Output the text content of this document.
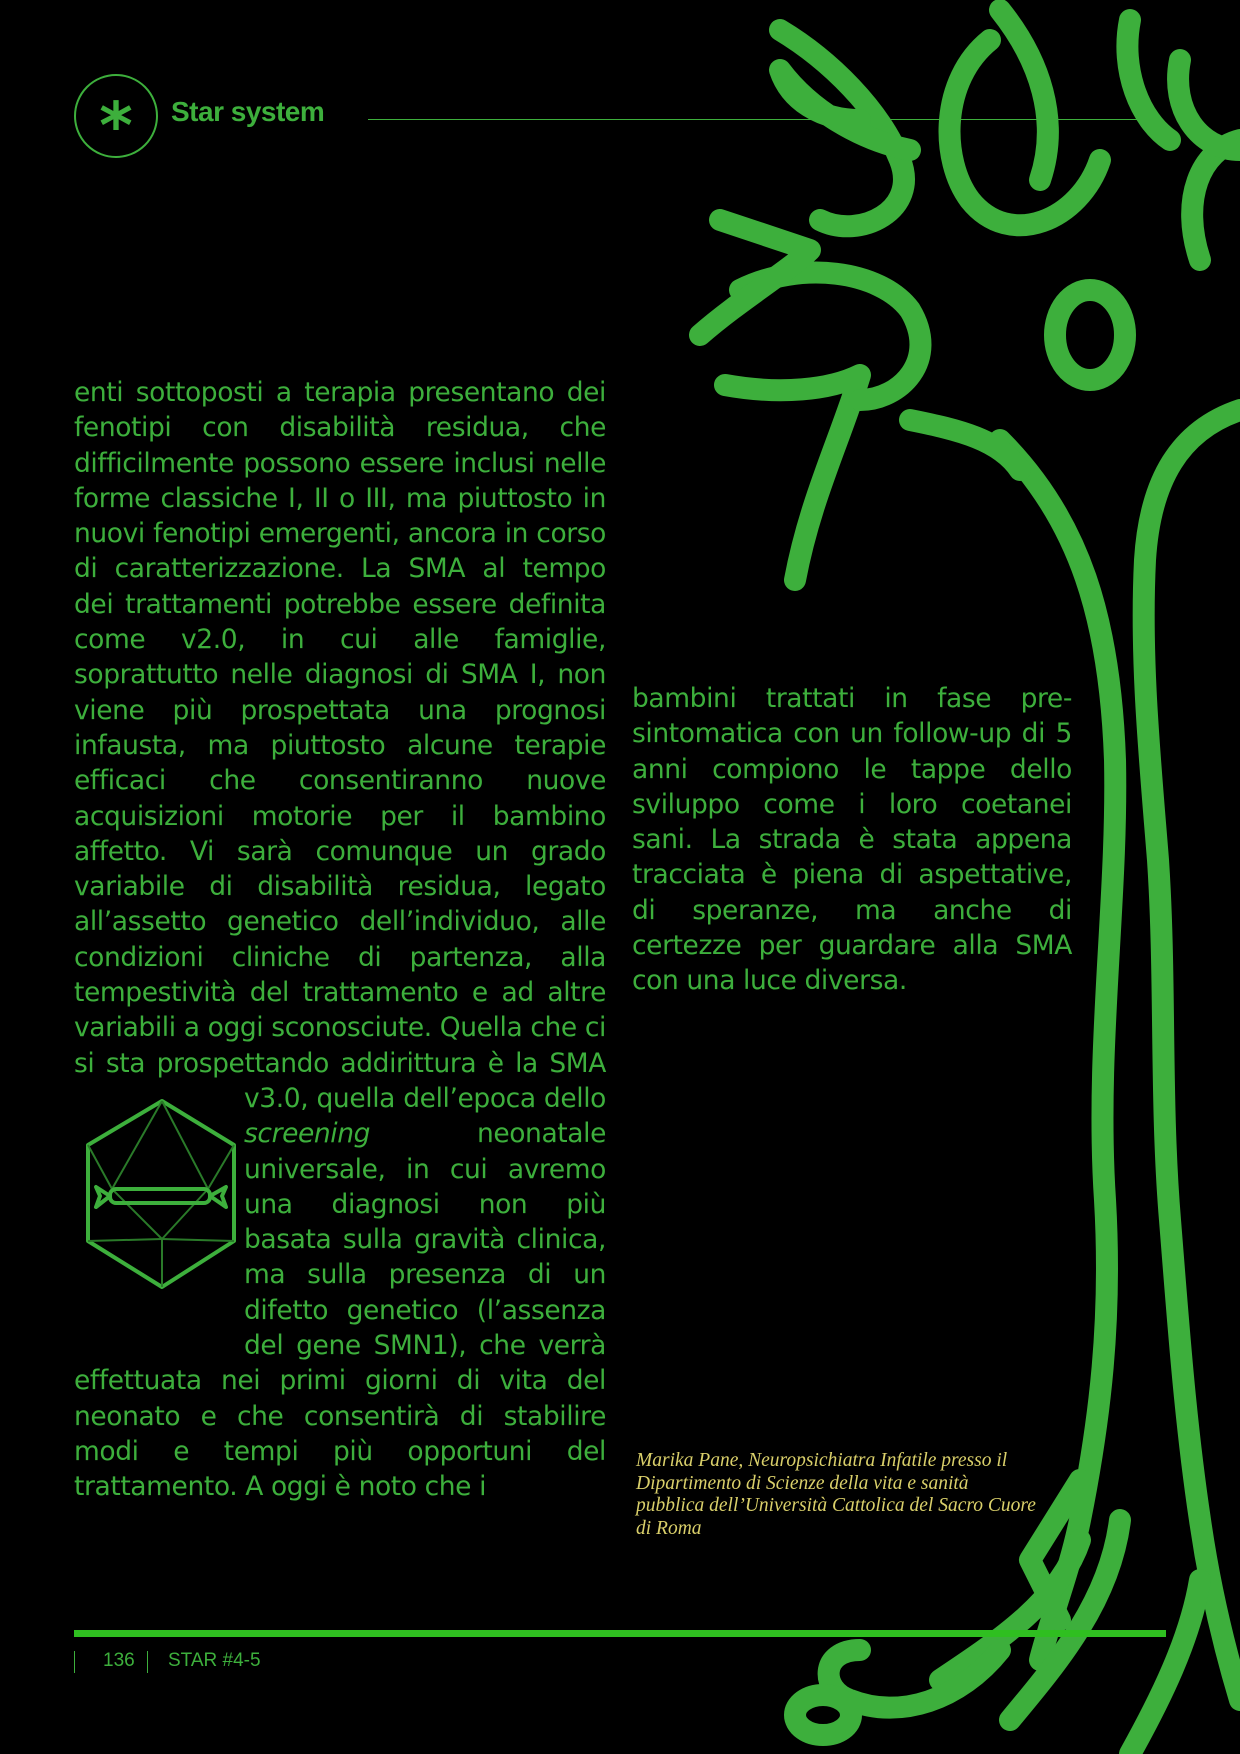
* Star system

enti sottoposti a terapia presentano dei fenotipi con disabilità residua, che difficilmente possono essere inclusi nelle forme classiche I, II o III, ma piuttosto in nuovi fenotipi emergenti, ancora in corso di caratterizzazione. La SMA al tempo dei trattamenti potrebbe essere definita come v2.0, in cui alle famiglie, soprattutto nelle diagnosi di SMA I, non viene più prospettata una prognosi infausta, ma piuttosto alcune terapie efficaci che consentiranno nuove acquisizioni motorie per il bambino affetto. Vi sarà comunque un grado variabile di disabilità residua, legato all’assetto genetico dell’individuo, alle condizioni cliniche di partenza, alla tempestività del trattamento e ad altre variabili a oggi sconosciute. Quella che ci si sta prospettando addirittura è la SMA v3.0, quella dell’epoca dello
screening neonatale universale, in cui avremo una diagnosi non più basata sulla gravità clinica, ma sulla presenza di un difetto genetico (l’assenza del gene SMN1), che verrà effettuata nei primi giorni di vita del neonato e che consentirà di stabilire modi e tempi più opportuni del trattamento. A oggi è noto che i

bambini trattati in fase pre-sintomatica con un follow-up di 5 anni compiono le tappe dello sviluppo come i loro coetanei sani. La strada è stata appena tracciata è piena di aspettative, di speranze, ma anche di certezze per guardare alla SMA con una luce diversa.

Marika Pane, Neuropsichiatra Infatile presso il Dipartimento di Scienze della vita e sanità pubblica dell’Università Cattolica del Sacro Cuore di Roma
136 STAR #4-5
